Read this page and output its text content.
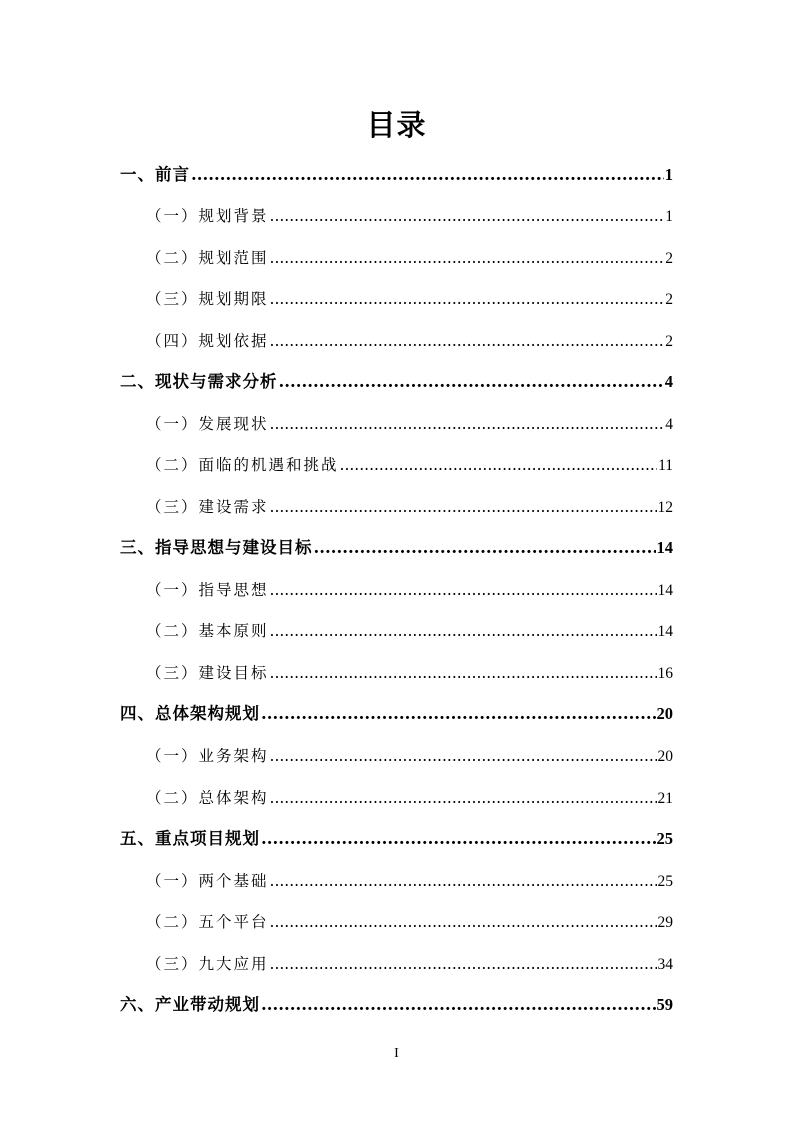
目录
一、前言 .....	1
（一）规划背景 .....	1
（二）规划范围 .....	2
（三）规划期限 .....	2
（四）规划依据 .....	2
二、现状与需求分析 .....	4
（一）发展现状 .....	4
（二）面临的机遇和挑战 .....	11
（三）建设需求 .....	12
三、指导思想与建设目标 .....	14
（一）指导思想 .....	14
（二）基本原则 .....	14
（三）建设目标 .....	16
四、总体架构规划 .....	20
（一）业务架构 .....	20
（二）总体架构 .....	21
五、重点项目规划 .....	25
（一）两个基础 .....	25
（二）五个平台 .....	29
（三）九大应用 .....	34
六、产业带动规划 .....	59
I
